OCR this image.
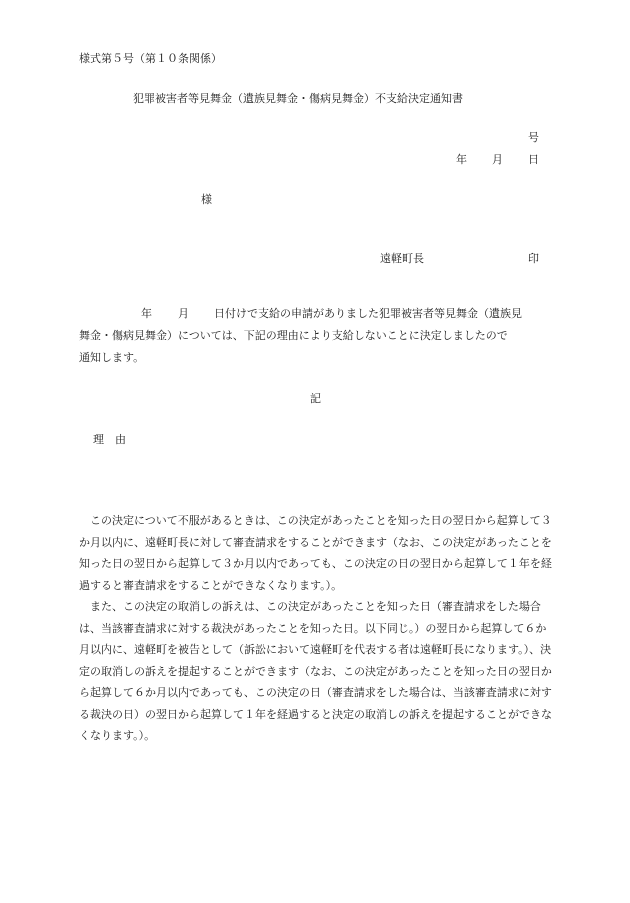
様式第５号（第１０条関係）
犯罪被害者等見舞金（遺族見舞金・傷病見舞金）不支給決定通知書
号
年 月 日
様
遠軽町長	印
年 月 日付けで支給の申請がありました犯罪被害者等見舞金（遺族見
舞金・傷病見舞金）については、下記の理由により支給しないことに決定しましたので
通知します。
記
理　由

この決定について不服があるときは、この決定があったことを知った日の翌日から起算して３か月以内に、遠軽町長に対して審査請求をすることができます（なお、この決定があったことを知った日の翌日から起算して３か月以内であっても、この決定の日の翌日から起算して１年を経過すると審査請求をすることができなくなります。）。

また、この決定の取消しの訴えは、この決定があったことを知った日（審査請求をした場合は、当該審査請求に対する裁決があったことを知った日。以下同じ。）の翌日から起算して６か月以内に、遠軽町を被告として（訴訟において遠軽町を代表する者は遠軽町長になります。）、決定の取消しの訴えを提起することができます（なお、この決定があったことを知った日の翌日から起算して６か月以内であっても、この決定の日（審査請求をした場合は、当該審査請求に対する裁決の日）の翌日から起算して１年を経過すると決定の取消しの訴えを提起することができなくなります。）。
